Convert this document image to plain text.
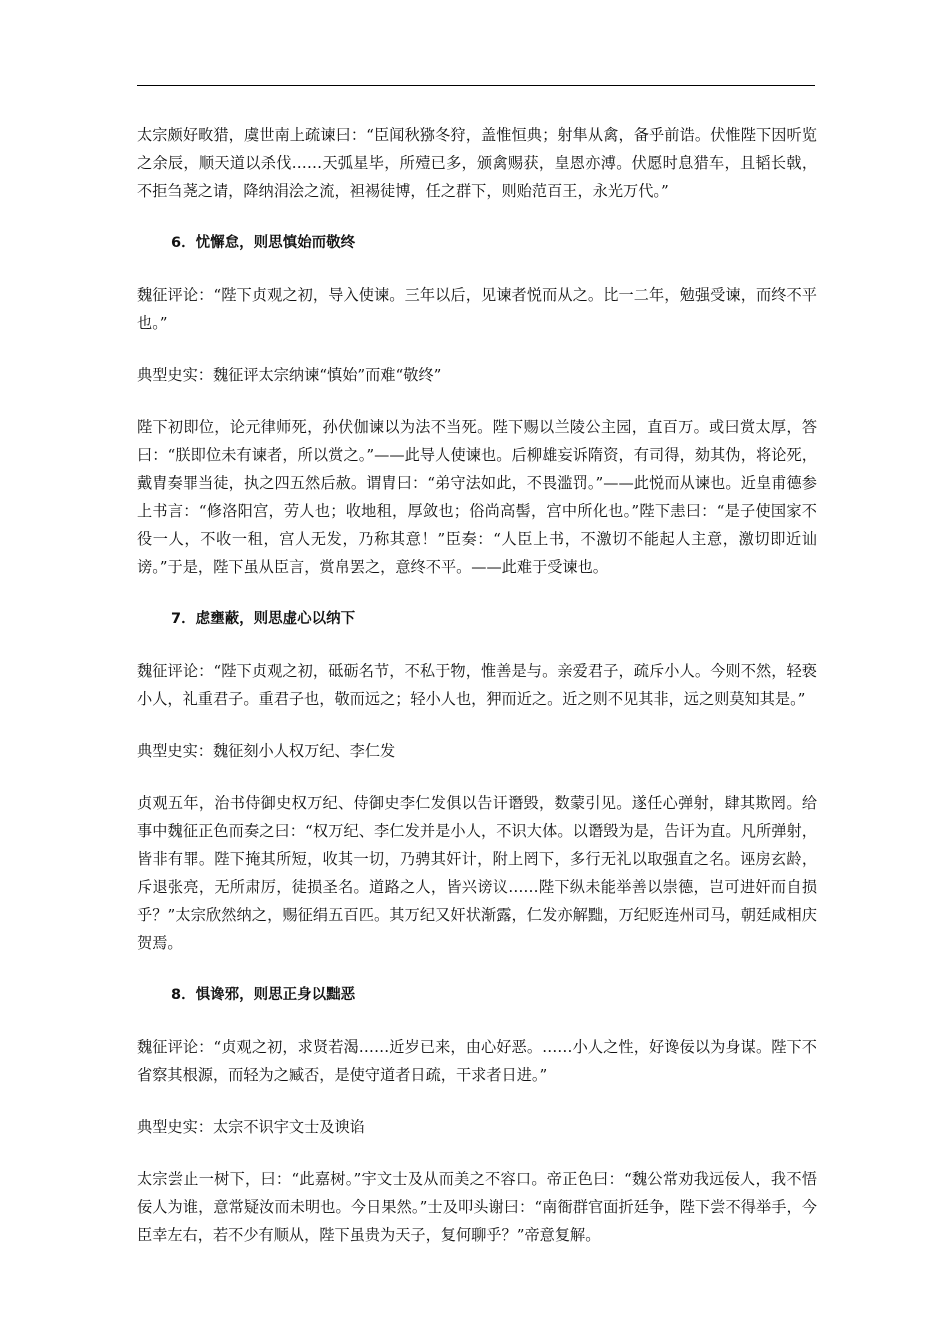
太宗颇好畋猎，虞世南上疏谏曰：“臣闻秋猕冬狩，盖惟恒典；射隼从禽，备乎前诰。伏惟陛下因听览之余辰，顺天道以杀伐……天弧星毕，所殪已多，颁禽赐获，皇恩亦溥。伏愿时息猎车，且韬长戟，不拒刍荛之请，降纳涓浍之流，袒裼徒博，任之群下，则贻范百王，永光万代。”

6．忧懈怠，则思慎始而敬终

魏征评论：“陛下贞观之初，导入使谏。三年以后，见谏者悦而从之。比一二年，勉强受谏，而终不平也。”

典型史实：魏征评太宗纳谏“慎始”而难“敬终”

陛下初即位，论元律师死，孙伏伽谏以为法不当死。陛下赐以兰陵公主园，直百万。或曰赏太厚，答曰：“朕即位未有谏者，所以赏之。”——此导人使谏也。后柳雄妄诉隋资，有司得，劾其伪，将论死，戴胄奏罪当徒，执之四五然后赦。谓胄曰：“弟守法如此，不畏滥罚。”——此悦而从谏也。近皇甫德参上书言：“修洛阳宫，劳人也；收地租，厚敛也；俗尚高髻，宫中所化也。”陛下恚曰：“是子使国家不役一人，不收一租，宫人无发，乃称其意！”臣奏：“人臣上书，不激切不能起人主意，激切即近讪谤。”于是，陛下虽从臣言，赏帛罢之，意终不平。——此难于受谏也。

7．虑壅蔽，则思虚心以纳下

魏征评论：“陛下贞观之初，砥砺名节，不私于物，惟善是与。亲爱君子，疏斥小人。今则不然，轻亵小人，礼重君子。重君子也，敬而远之；轻小人也，狎而近之。近之则不见其非，远之则莫知其是。”

典型史实：魏征刻小人权万纪、李仁发

贞观五年，治书侍御史权万纪、侍御史李仁发俱以告讦谮毁，数蒙引见。遂任心弹射，肆其欺罔。给事中魏征正色而奏之曰：“权万纪、李仁发并是小人，不识大体。以谮毁为是，告讦为直。凡所弹射，皆非有罪。陛下掩其所短，收其一切，乃骋其奸计，附上罔下，多行无礼以取强直之名。诬房玄龄，斥退张亮，无所肃厉，徒损圣名。道路之人，皆兴谤议……陛下纵未能举善以崇德，岂可进奸而自损乎？”太宗欣然纳之，赐征绢五百匹。其万纪又奸状渐露，仁发亦解黜，万纪贬连州司马，朝廷咸相庆贺焉。

8．惧谗邪，则思正身以黜恶

魏征评论：“贞观之初，求贤若渴……近岁已来，由心好恶。……小人之性，好谗佞以为身谋。陛下不省察其根源，而轻为之臧否，是使守道者日疏，干求者日进。”

典型史实：太宗不识宇文士及谀谄

太宗尝止一树下，曰：“此嘉树。”宇文士及从而美之不容口。帝正色曰：“魏公常劝我远佞人，我不悟佞人为谁，意常疑汝而未明也。今日果然。”士及叩头谢曰：“南衙群官面折廷争，陛下尝不得举手，今臣幸左右，若不少有顺从，陛下虽贵为天子，复何聊乎？”帝意复解。
